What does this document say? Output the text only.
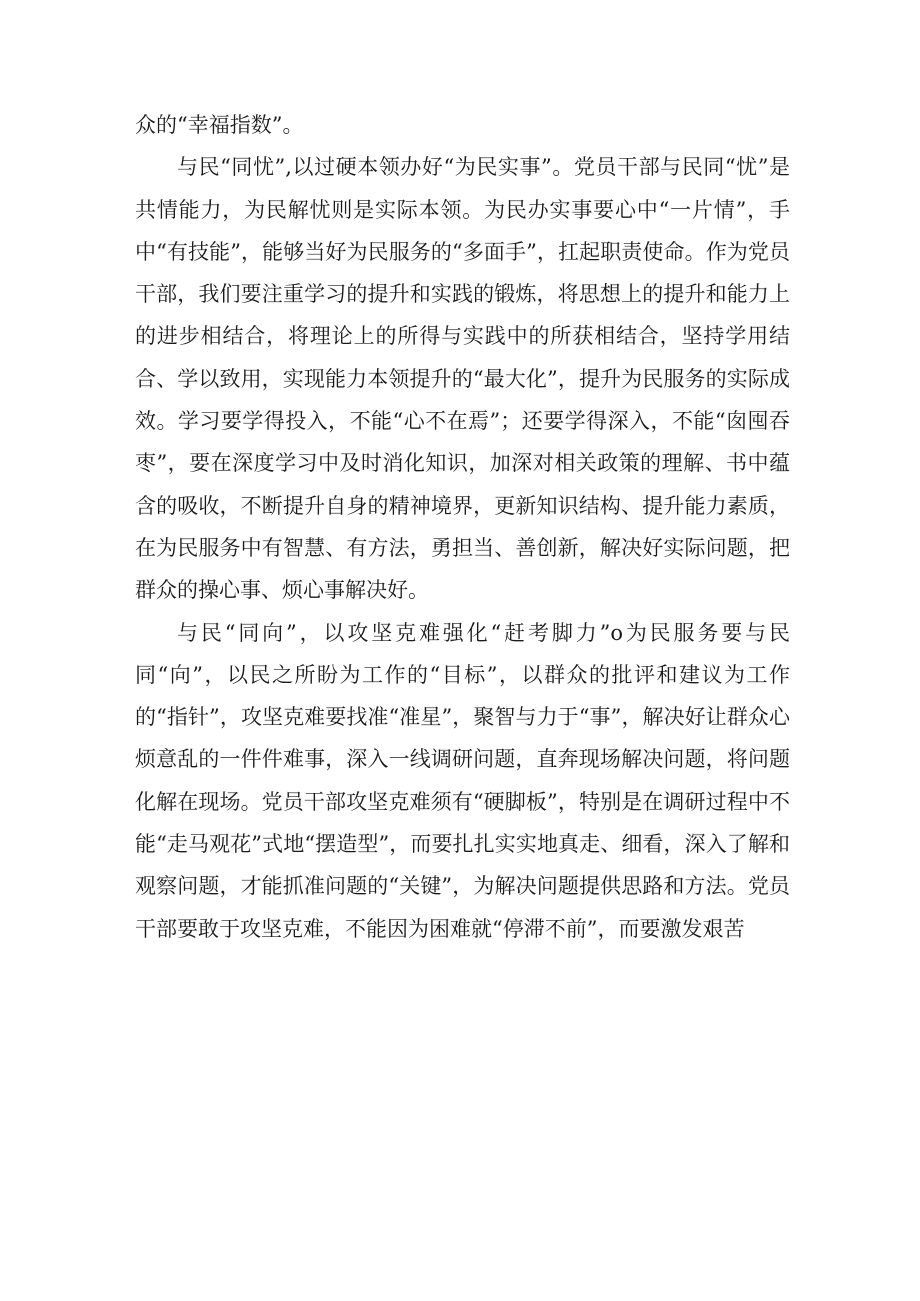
众的“幸福指数”。

与民“同忧”,以过硬本领办好“为民实事”。党员干部与民同“忧”是共情能力，为民解忧则是实际本领。为民办实事要心中“一片情”，手中“有技能”，能够当好为民服务的“多面手”，扛起职责使命。作为党员干部，我们要注重学习的提升和实践的锻炼，将思想上的提升和能力上的进步相结合，将理论上的所得与实践中的所获相结合，坚持学用结合、学以致用，实现能力本领提升的“最大化”，提升为民服务的实际成效。学习要学得投入，不能“心不在焉”；还要学得深入，不能“囱囤吞枣”，要在深度学习中及时消化知识，加深对相关政策的理解、书中蕴含的吸收，不断提升自身的精神境界，更新知识结构、提升能力素质，在为民服务中有智慧、有方法，勇担当、善创新，解决好实际问题，把群众的操心事、烦心事解决好。

与民“同向”，以攻坚克难强化“赶考脚力”o为民服务要与民同“向”，以民之所盼为工作的“目标”，以群众的批评和建议为工作的“指针”，攻坚克难要找准“准星”，聚智与力于“事”，解决好让群众心烦意乱的一件件难事，深入一线调研问题，直奔现场解决问题，将问题化解在现场。党员干部攻坚克难须有“硬脚板”，特别是在调研过程中不能“走马观花”式地“摆造型”，而要扎扎实实地真走、细看，深入了解和观察问题，才能抓准问题的“关键”，为解决问题提供思路和方法。党员干部要敢于攻坚克难，不能因为困难就“停滞不前”，而要激发艰苦
